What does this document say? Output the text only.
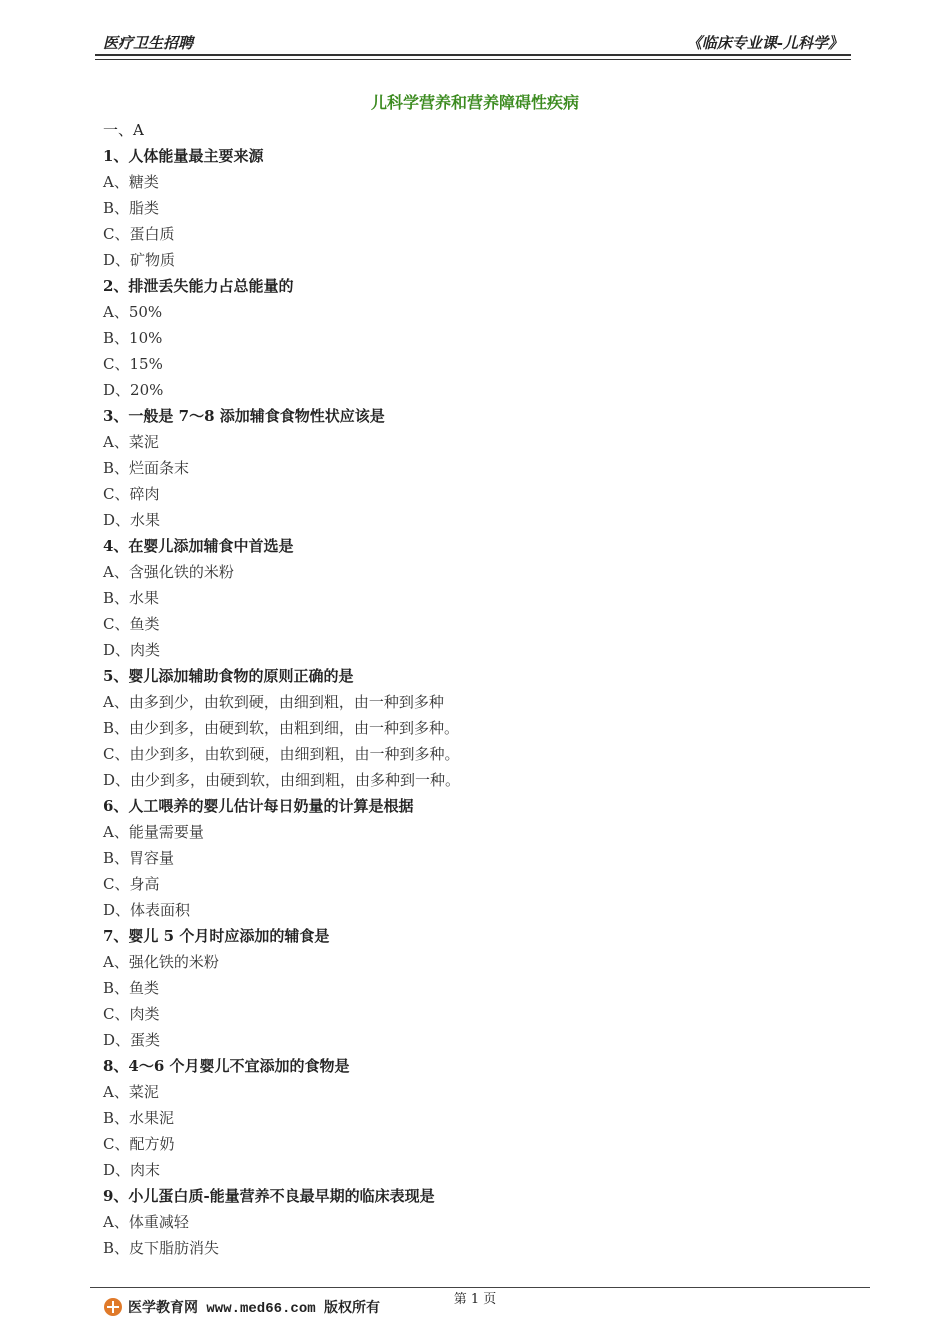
医疗卫生招聘	《临床专业课-儿科学》
儿科学营养和营养障碍性疾病
一、A
1、人体能量最主要来源
A、糖类
B、脂类
C、蛋白质
D、矿物质
2、排泄丢失能力占总能量的
A、50%
B、10%
C、15%
D、20%
3、一般是 7～8 添加辅食食物性状应该是
A、菜泥
B、烂面条末
C、碎肉
D、水果
4、在婴儿添加辅食中首选是
A、含强化铁的米粉
B、水果
C、鱼类
D、肉类
5、婴儿添加辅助食物的原则正确的是
A、由多到少，由软到硬，由细到粗，由一种到多种
B、由少到多，由硬到软，由粗到细，由一种到多种。
C、由少到多，由软到硬，由细到粗，由一种到多种。
D、由少到多，由硬到软，由细到粗，由多种到一种。
6、人工喂养的婴儿估计每日奶量的计算是根据
A、能量需要量
B、胃容量
C、身高
D、体表面积
7、婴儿 5 个月时应添加的辅食是
A、强化铁的米粉
B、鱼类
C、肉类
D、蛋类
8、4～6 个月婴儿不宜添加的食物是
A、菜泥
B、水果泥
C、配方奶
D、肉末
9、小儿蛋白质-能量营养不良最早期的临床表现是
A、体重减轻
B、皮下脂肪消失
第 1 页
医学教育网 www.med66.com 版权所有
